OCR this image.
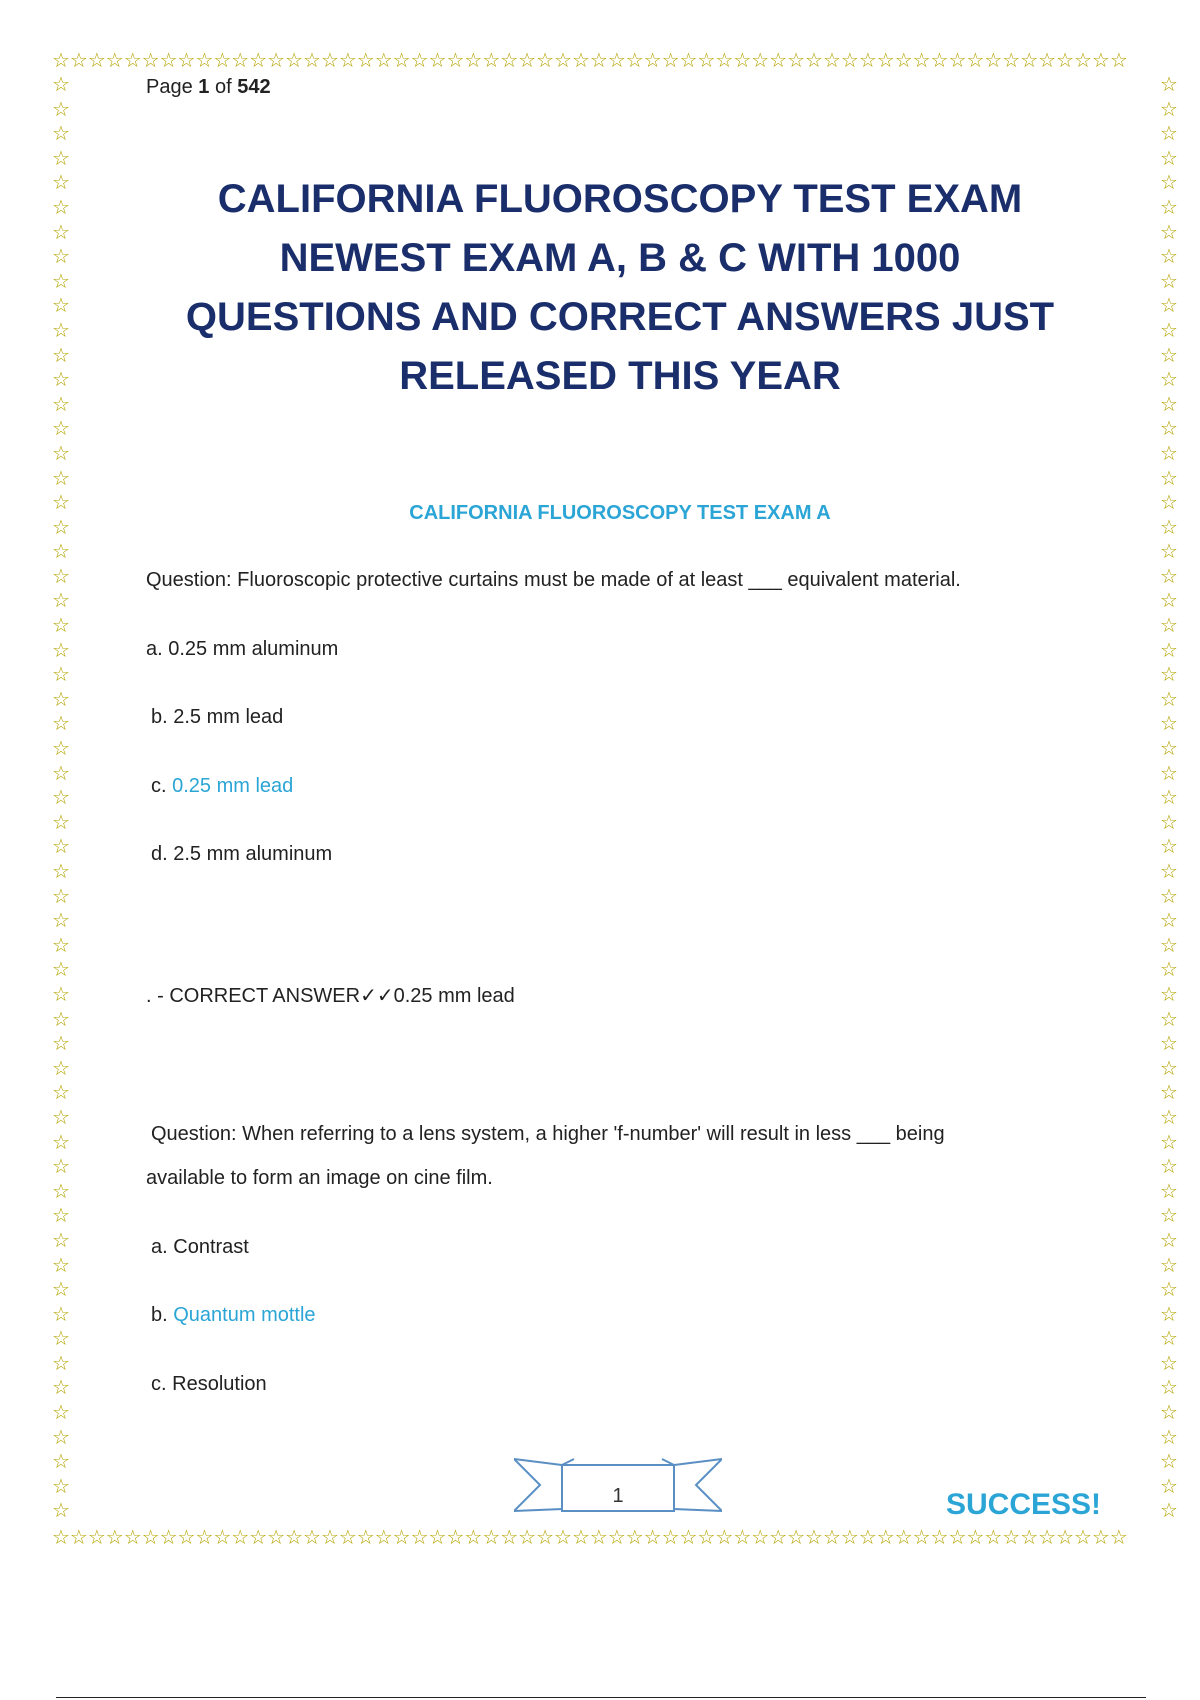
☆☆☆☆☆☆☆☆☆☆☆☆☆☆☆☆☆☆☆☆☆☆☆☆☆☆☆☆☆☆☆☆☆☆☆☆☆☆☆☆☆☆☆☆☆☆☆☆☆☆☆☆☆☆☆☆☆☆☆☆
☆☆☆☆☆☆☆☆☆☆☆☆☆☆☆☆☆☆☆☆☆☆☆☆☆☆☆☆☆☆☆☆☆☆☆☆☆☆☆☆☆☆☆☆☆☆☆☆☆☆☆☆☆☆☆☆☆☆☆☆
☆☆☆☆☆☆☆☆☆☆☆☆☆☆☆☆☆☆☆☆☆☆☆☆☆☆☆☆☆☆☆☆☆☆☆☆☆☆☆☆☆☆☆☆☆☆☆☆☆☆☆☆☆☆☆☆☆☆☆
☆☆☆☆☆☆☆☆☆☆☆☆☆☆☆☆☆☆☆☆☆☆☆☆☆☆☆☆☆☆☆☆☆☆☆☆☆☆☆☆☆☆☆☆☆☆☆☆☆☆☆☆☆☆☆☆☆☆☆
Page 1 of 542
CALIFORNIA FLUOROSCOPY TEST EXAM
NEWEST EXAM A, B & C WITH 1000
QUESTIONS AND CORRECT ANSWERS JUST
RELEASED THIS YEAR
CALIFORNIA FLUOROSCOPY TEST EXAM A
Question: Fluoroscopic protective curtains must be made of at least ___ equivalent material.
a. 0.25 mm aluminum
b. 2.5 mm lead
c. 0.25 mm lead
d. 2.5 mm aluminum
. - CORRECT ANSWER✓✓0.25 mm lead
Question: When referring to a lens system, a higher 'f-number' will result in less ___ being
available to form an image on cine film.
a. Contrast
b. Quantum mottle
c. Resolution
1	SUCCESS!
